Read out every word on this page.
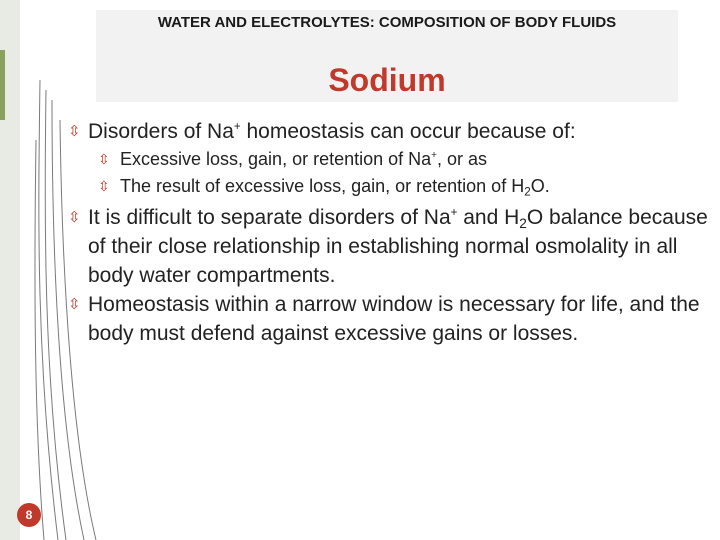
WATER AND ELECTROLYTES: COMPOSITION OF BODY FLUIDS
Sodium
⇳ Disorders of Na+ homeostasis can occur because of:
⇳ Excessive loss, gain, or retention of Na+, or as
⇳ The result of excessive loss, gain, or retention of $H_2O$.
⇳ It is difficult to separate disorders of Na+ and $H_2O$ balance because of their close relationship in establishing normal osmolality in all body water compartments.
⇳ Homeostasis within a narrow window is necessary for life, and the body must defend against excessive gains or losses.
8
